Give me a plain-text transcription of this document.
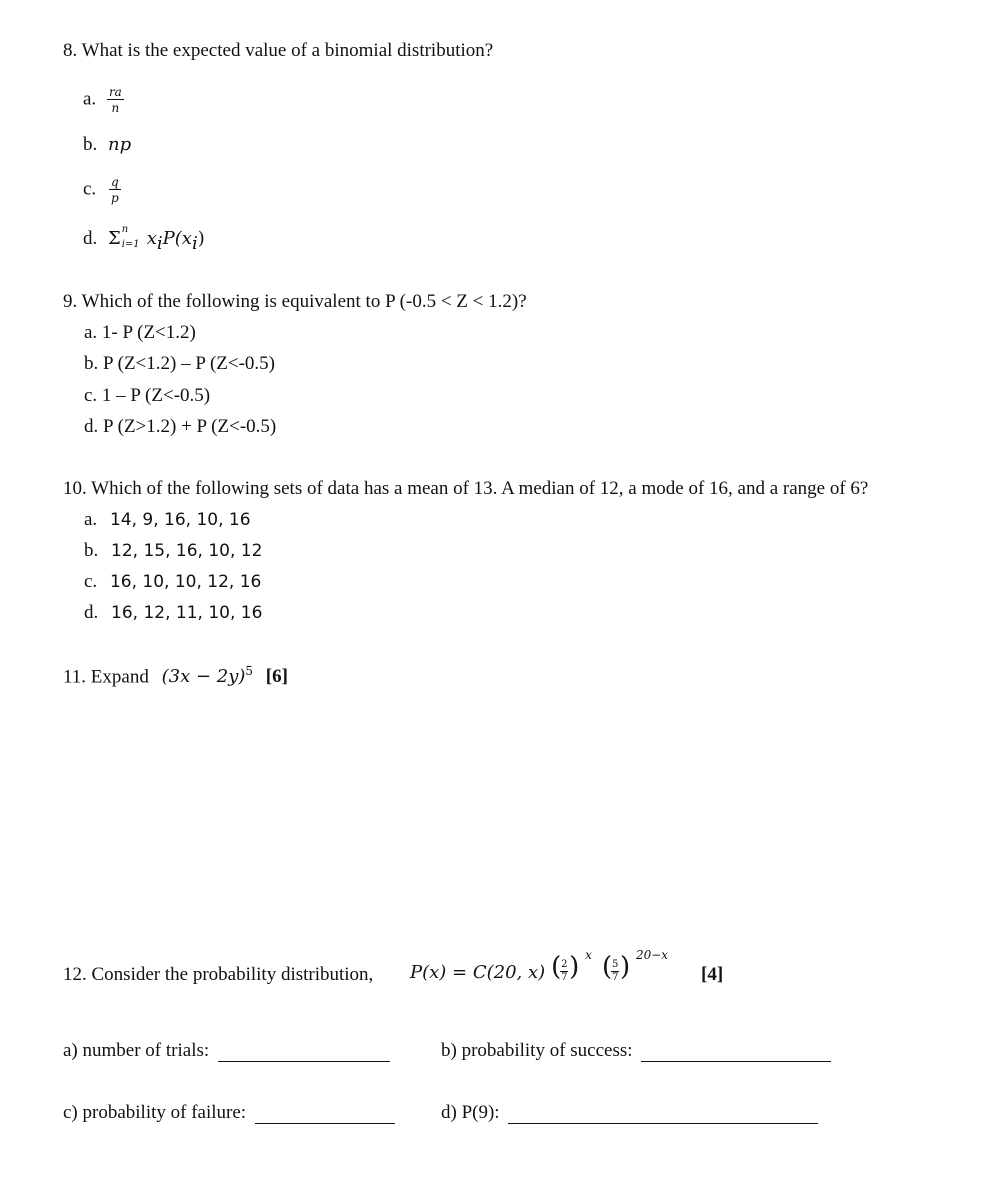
8. What is the expected value of a binomial distribution?
a. $\frac{ra}{n}$
b. np
c. $\frac{q}{p}$
d. Σ n
i=1 $x_iP(x_i)$
9. Which of the following is equivalent to P (-0.5 < Z < 1.2)?
a. 1- P (Z<1.2)
b. P (Z<1.2) – P (Z<-0.5)
c. 1 – P (Z<-0.5)
d. P (Z>1.2) + P (Z<-0.5)
10. Which of the following sets of data has a mean of 13. A median of 12, a mode of 16, and a range of 6?
a. 14, 9, 16, 10, 16
b. 12, 15, 16, 10, 12
c. 16, 10, 10, 12, 16
d. 16, 12, 11, 10, 16
11. Expand $(3x - 2y)^5$ [6]
12. Consider the probability distribution, P(x) = C(20, x) ( 2
7 ) $^x$ ( 5
7 ) $^{20-x}$
[4]
a) number of trials:	b) probability of success:
c) probability of failure:	d) P(9):
